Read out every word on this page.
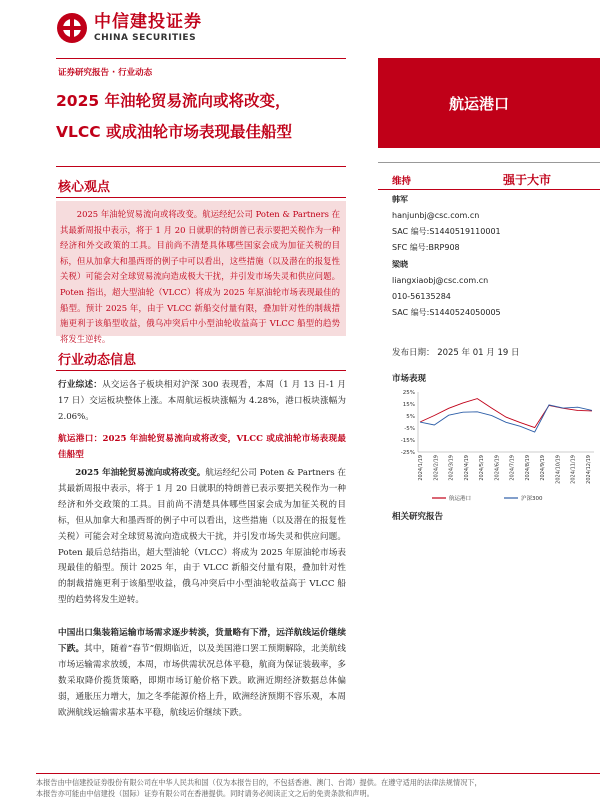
中信建投证券
CHINA SECURITIES
证券研究报告 · 行业动态
2025 年油轮贸易流向或将改变，
VLCC 或成油轮市场表现最佳船型
航运港口
核心观点

2025 年油轮贸易流向或将改变。航运经纪公司 Poten & Partners 在其最新周报中表示，将于 1 月 20 日就职的特朗普已表示要把关税作为一种经济和外交政策的工具。目前尚不清楚具体哪些国家会成为加征关税的目标，但从加拿大和墨西哥的例子中可以看出，这些措施（以及潜在的报复性关税）可能会对全球贸易流向造成极大干扰，并引发市场失灵和供应问题。Poten 指出，超大型油轮（VLCC）将成为 2025 年原油轮市场表现最佳的船型。预计 2025 年，由于 VLCC 新船交付量有限，叠加针对性的制裁措施更利于该船型收益，俄乌冲突后中小型油轮收益高于 VLCC 船型的趋势将发生逆转。

行业动态信息
行业综述：从交运各子板块相对沪深 300 表现看，本周（1 月 13 日-1 月 17 日）交运板块整体上涨。本周航运板块涨幅为 4.28%，港口板块涨幅为 2.06%。
航运港口：2025 年油轮贸易流向或将改变，VLCC 或成油轮市场表现最佳船型
2025 年油轮贸易流向或将改变。航运经纪公司 Poten & Partners 在其最新周报中表示，将于 1 月 20 日就职的特朗普已表示要把关税作为一种经济和外交政策的工具。目前尚不清楚具体哪些国家会成为加征关税的目标，但从加拿大和墨西哥的例子中可以看出，这些措施（以及潜在的报复性关税）可能会对全球贸易流向造成极大干扰，并引发市场失灵和供应问题。Poten 最后总结指出，超大型油轮（VLCC）将成为 2025 年原油轮市场表现最佳的船型。预计 2025 年，由于 VLCC 新船交付量有限，叠加针对性的制裁措施更利于该船型收益，俄乌冲突后中小型油轮收益高于 VLCC 船型的趋势将发生逆转。
中国出口集装箱运输市场需求逐步转淡，货量略有下滑，远洋航线运价继续下跌。其中，随着“春节”假期临近，以及美国港口罢工预期解除，北美航线市场运输需求放缓，本周，市场供需状况总体平稳，航商为保证装载率，多数采取降价揽货策略，即期市场订舱价格下跌。欧洲近期经济数据总体偏弱，通胀压力增大，加之冬季能源价格上升，欧洲经济预期不容乐观，本周欧洲航线运输需求基本平稳，航线运价继续下跌。
维持	强于大市
韩军
hanjunbj@csc.com.cn
SAC 编号:S1440519110001
SFC 编号:BRP908
梁晓
liangxiaobj@csc.com.cn
010-56135284
SAC 编号:S1440524050005
发布日期： 2025 年 01 月 19 日
市场表现
25%
15%
5%
-5%
-15%
-25%
2024/1/19 2024/2/19 2024/3/19 2024/4/19 2024/5/19 2024/6/19 2024/7/19 2024/8/19 2024/9/19 2024/10/19 2024/11/19 2024/12/19
航运港口	沪深300
相关研究报告
本报告由中信建投证券股份有限公司在中华人民共和国（仅为本报告目的，不包括香港、澳门、台湾）提供。在遵守适用的法律法规情况下，
本报告亦可能由中信建投（国际）证券有限公司在香港提供。同时请务必阅读正文之后的免责条款和声明。
